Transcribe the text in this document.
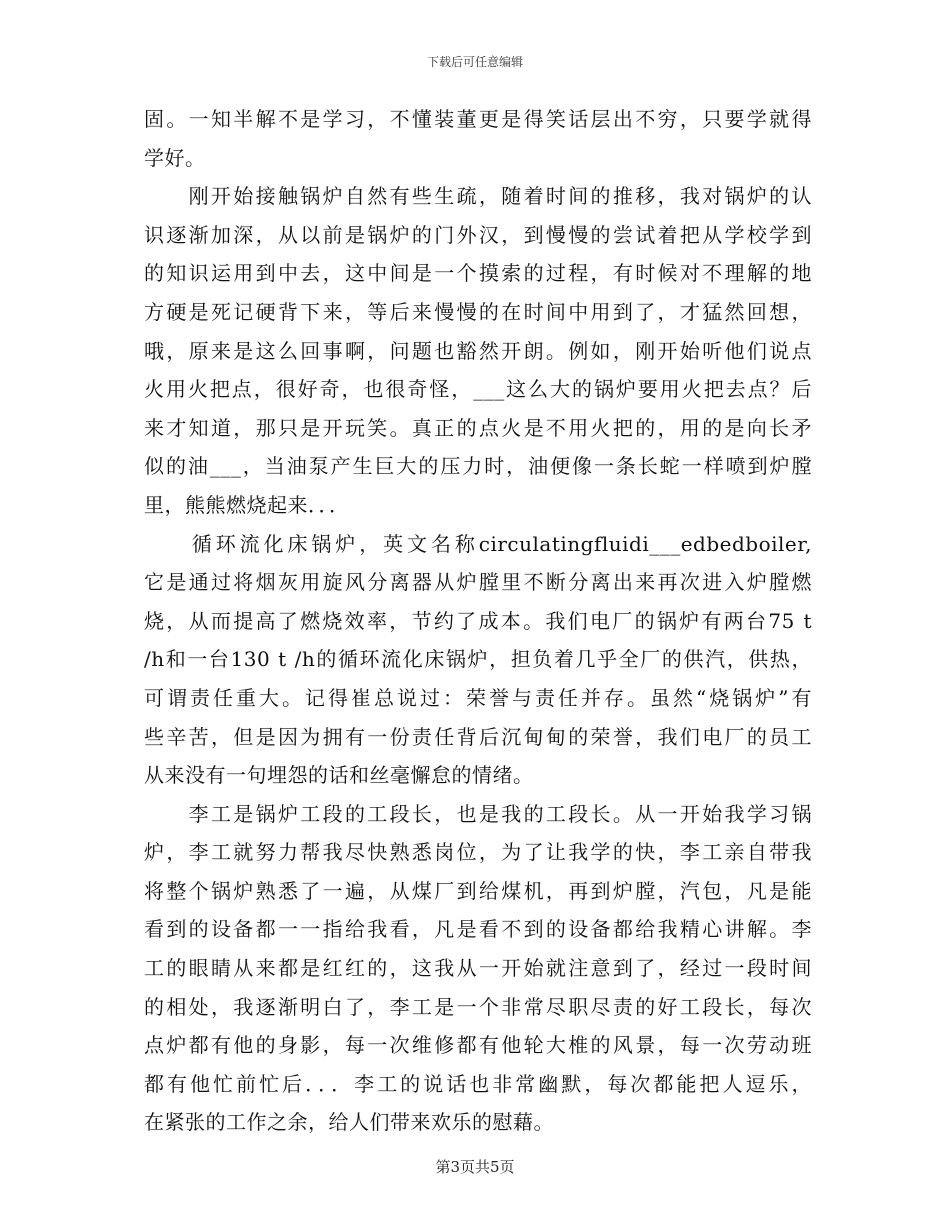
下载后可任意编辑
固。一知半解不是学习，不懂装董更是得笑话层出不穷，只要学就得
学好。
　　刚开始接触锅炉自然有些生疏，随着时间的推移，我对锅炉的认
识逐渐加深，从以前是锅炉的门外汉，到慢慢的尝试着把从学校学到
的知识运用到中去，这中间是一个摸索的过程，有时候对不理解的地
方硬是死记硬背下来，等后来慢慢的在时间中用到了，才猛然回想，
哦，原来是这么回事啊，问题也豁然开朗。例如，刚开始听他们说点
火用火把点，很好奇，也很奇怪，___这么大的锅炉要用火把去点？后
来才知道，那只是开玩笑。真正的点火是不用火把的，用的是向长矛
似的油___，当油泵产生巨大的压力时，油便像一条长蛇一样喷到炉膛
里，熊熊燃烧起来．．．
　　循环流化床锅炉，英文名称circulatingfluidi___edbedboiler,
它是通过将烟灰用旋风分离器从炉膛里不断分离出来再次进入炉膛燃
烧，从而提高了燃烧效率，节约了成本。我们电厂的锅炉有两台75 t
/h和一台130 t /h的循环流化床锅炉，担负着几乎全厂的供汽，供热，
可谓责任重大。记得崔总说过：荣誉与责任并存。虽然“烧锅炉”有
些辛苦，但是因为拥有一份责任背后沉甸甸的荣誉，我们电厂的员工
从来没有一句埋怨的话和丝毫懈怠的情绪。
　　李工是锅炉工段的工段长，也是我的工段长。从一开始我学习锅
炉，李工就努力帮我尽快熟悉岗位，为了让我学的快，李工亲自带我
将整个锅炉熟悉了一遍，从煤厂到给煤机，再到炉膛，汽包，凡是能
看到的设备都一一指给我看，凡是看不到的设备都给我精心讲解。李
工的眼睛从来都是红红的，这我从一开始就注意到了，经过一段时间
的相处，我逐渐明白了，李工是一个非常尽职尽责的好工段长，每次
点炉都有他的身影，每一次维修都有他轮大椎的风景，每一次劳动班
都有他忙前忙后．．．李工的说话也非常幽默，每次都能把人逗乐，
在紧张的工作之余，给人们带来欢乐的慰藉。
第3页共5页
